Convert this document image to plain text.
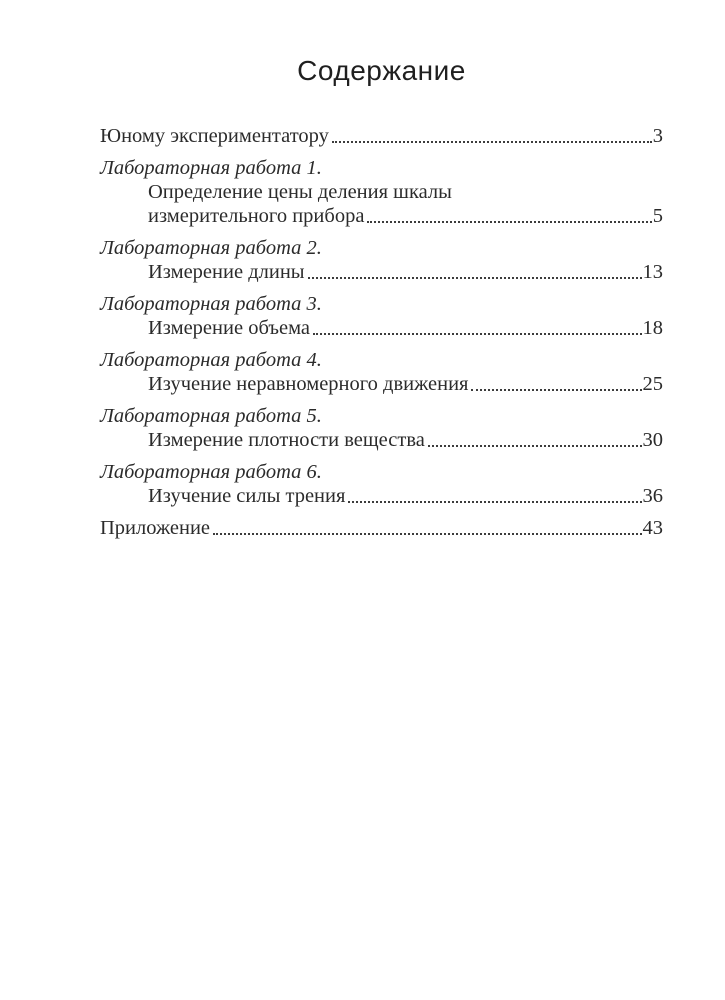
Содержание
Юному экспериментатору	3
Лабораторная работа 1.
Определение цены деления шкалы
измерительного прибора	5
Лабораторная работа 2.
Измерение длины	13
Лабораторная работа 3.
Измерение объема	18
Лабораторная работа 4.
Изучение неравномерного движения	25
Лабораторная работа 5.
Измерение плотности вещества	30
Лабораторная работа 6.
Изучение силы трения	36
Приложение	43
